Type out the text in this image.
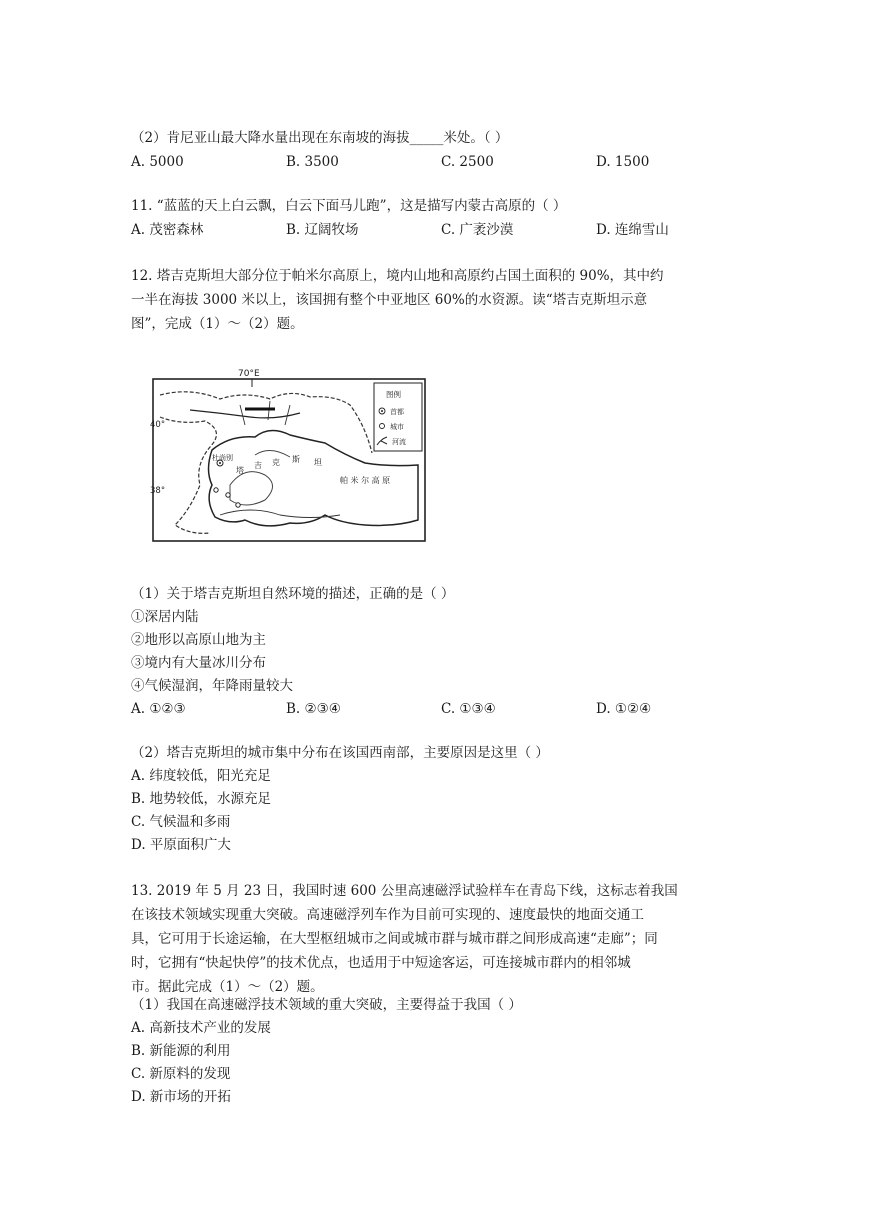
（2）肯尼亚山最大降水量出现在东南坡的海拔_____米处。（ ）
A. 5000	B. 3500	C. 2500	D. 1500
11. “蓝蓝的天上白云飘，白云下面马儿跑”，这是描写内蒙古高原的（ ）
A. 茂密森林	B. 辽阔牧场	C. 广袤沙漠	D. 连绵雪山
12. 塔吉克斯坦大部分位于帕米尔高原上，境内山地和高原约占国土面积的 90%，其中约
一半在海拔 3000 米以上，该国拥有整个中亚地区 60%的水资源。读“塔吉克斯坦示意
图”，完成（1）～（2）题。
70°E
40°
38°
杜尚别
塔
吉 克 斯 坦
帕 米 尔 高 原
图例
首都
城市
河流
（1）关于塔吉克斯坦自然环境的描述，正确的是（ ）
①深居内陆
②地形以高原山地为主
③境内有大量冰川分布
④气候湿润，年降雨量较大
A. ①②③	B. ②③④	C. ①③④	D. ①②④
（2）塔吉克斯坦的城市集中分布在该国西南部，主要原因是这里（ ）
A. 纬度较低，阳光充足
B. 地势较低，水源充足
C. 气候温和多雨
D. 平原面积广大
13. 2019 年 5 月 23 日，我国时速 600 公里高速磁浮试验样车在青岛下线，这标志着我国
在该技术领域实现重大突破。高速磁浮列车作为目前可实现的、速度最快的地面交通工
具，它可用于长途运输，在大型枢纽城市之间或城市群与城市群之间形成高速“走廊”；同
时，它拥有“快起快停”的技术优点，也适用于中短途客运，可连接城市群内的相邻城
市。据此完成（1）～（2）题。
（1）我国在高速磁浮技术领域的重大突破，主要得益于我国（ ）
A. 高新技术产业的发展
B. 新能源的利用
C. 新原料的发现
D. 新市场的开拓
